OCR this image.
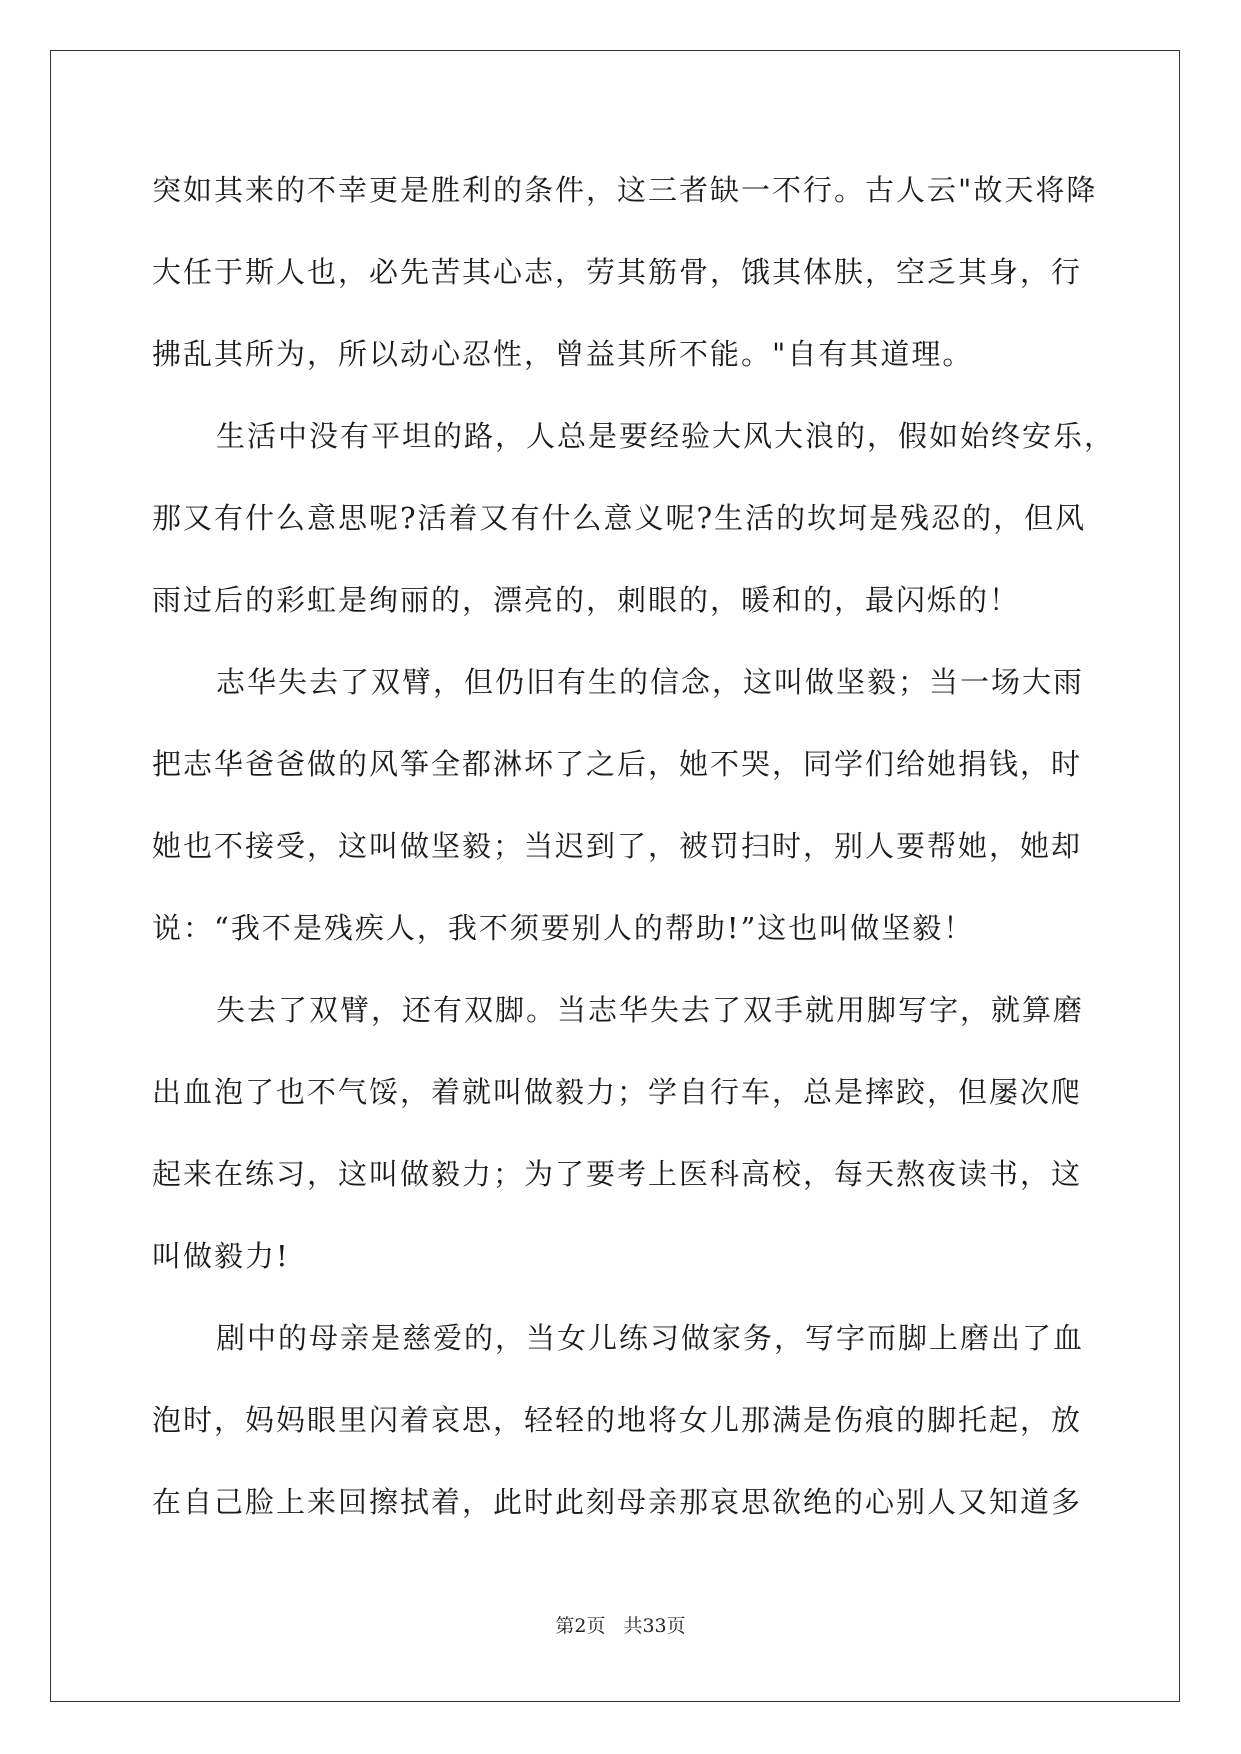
突如其来的不幸更是胜利的条件，这三者缺一不行。古人云"故天将降
大任于斯人也，必先苦其心志，劳其筋骨，饿其体肤，空乏其身，行
拂乱其所为，所以动心忍性，曾益其所不能。"自有其道理。
生活中没有平坦的路，人总是要经验大风大浪的，假如始终安乐，
那又有什么意思呢?活着又有什么意义呢?生活的坎坷是残忍的，但风
雨过后的彩虹是绚丽的，漂亮的，刺眼的，暖和的，最闪烁的！
志华失去了双臂，但仍旧有生的信念，这叫做坚毅；当一场大雨
把志华爸爸做的风筝全都淋坏了之后，她不哭，同学们给她捐钱，时
她也不接受，这叫做坚毅；当迟到了，被罚扫时，别人要帮她，她却
说：“我不是残疾人，我不须要别人的帮助!”这也叫做坚毅！
失去了双臂，还有双脚。当志华失去了双手就用脚写字，就算磨
出血泡了也不气馁，着就叫做毅力；学自行车，总是摔跤，但屡次爬
起来在练习，这叫做毅力；为了要考上医科高校，每天熬夜读书，这
叫做毅力!
剧中的母亲是慈爱的，当女儿练习做家务，写字而脚上磨出了血
泡时，妈妈眼里闪着哀思，轻轻的地将女儿那满是伤痕的脚托起，放
在自己脸上来回擦拭着，此时此刻母亲那哀思欲绝的心别人又知道多
第2页 共33页
